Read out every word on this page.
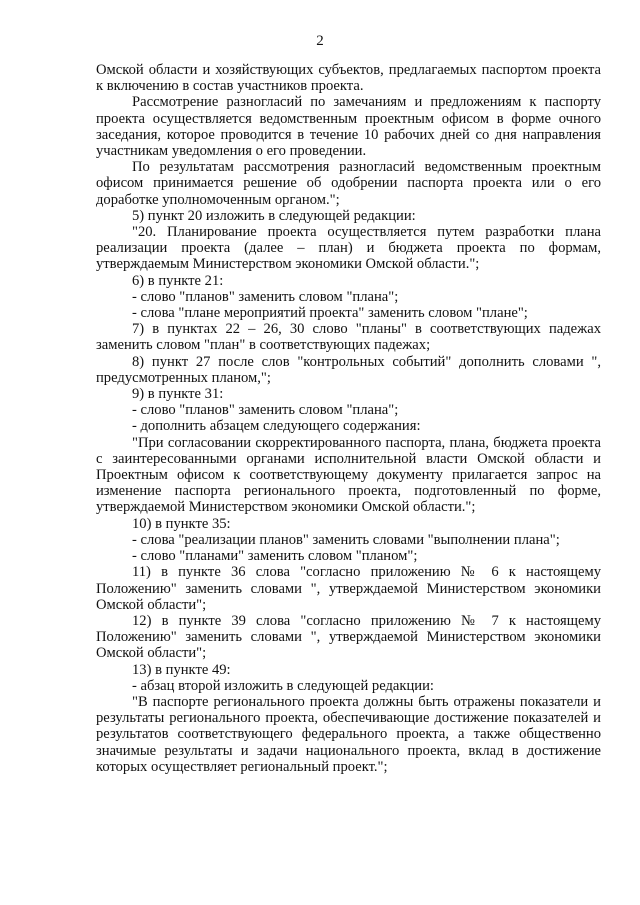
2

Омской области и хозяйствующих субъектов, предлагаемых паспортом проекта к включению в состав участников проекта.

Рассмотрение разногласий по замечаниям и предложениям к паспорту проекта осуществляется ведомственным проектным офисом в форме очного заседания, которое проводится в течение 10 рабочих дней со дня направления участникам уведомления о его проведении.

По результатам рассмотрения разногласий ведомственным проектным офисом принимается решение об одобрении паспорта проекта или о его доработке уполномоченным органом.";

5) пункт 20 изложить в следующей редакции:

"20. Планирование проекта осуществляется путем разработки плана реализации проекта (далее – план) и бюджета проекта по формам, утверждаемым Министерством экономики Омской области.";

6) в пункте 21:

- слово "планов" заменить словом "плана";

- слова "плане мероприятий проекта" заменить словом "плане";

7) в пунктах 22 – 26, 30 слово "планы" в соответствующих падежах заменить словом "план" в соответствующих падежах;

8) пункт 27 после слов "контрольных событий" дополнить словами ", предусмотренных планом,";

9) в пункте 31:

- слово "планов" заменить словом "плана";

- дополнить абзацем следующего содержания:

"При согласовании скорректированного паспорта, плана, бюджета проекта с заинтересованными органами исполнительной власти Омской области и Проектным офисом к соответствующему документу прилагается запрос на изменение паспорта регионального проекта, подготовленный по форме, утверждаемой Министерством экономики Омской области.";

10) в пункте 35:

- слова "реализации планов" заменить словами "выполнении плана";

- слово "планами" заменить словом "планом";

11) в пункте 36 слова "согласно приложению № 6 к настоящему Положению" заменить словами ", утверждаемой Министерством экономики Омской области";

12) в пункте 39 слова "согласно приложению № 7 к настоящему Положению" заменить словами ", утверждаемой Министерством экономики Омской области";

13) в пункте 49:

- абзац второй изложить в следующей редакции:

"В паспорте регионального проекта должны быть отражены показатели и результаты регионального проекта, обеспечивающие достижение показателей и результатов соответствующего федерального проекта, а также общественно значимые результаты и задачи национального проекта, вклад в достижение которых осуществляет региональный проект.";
